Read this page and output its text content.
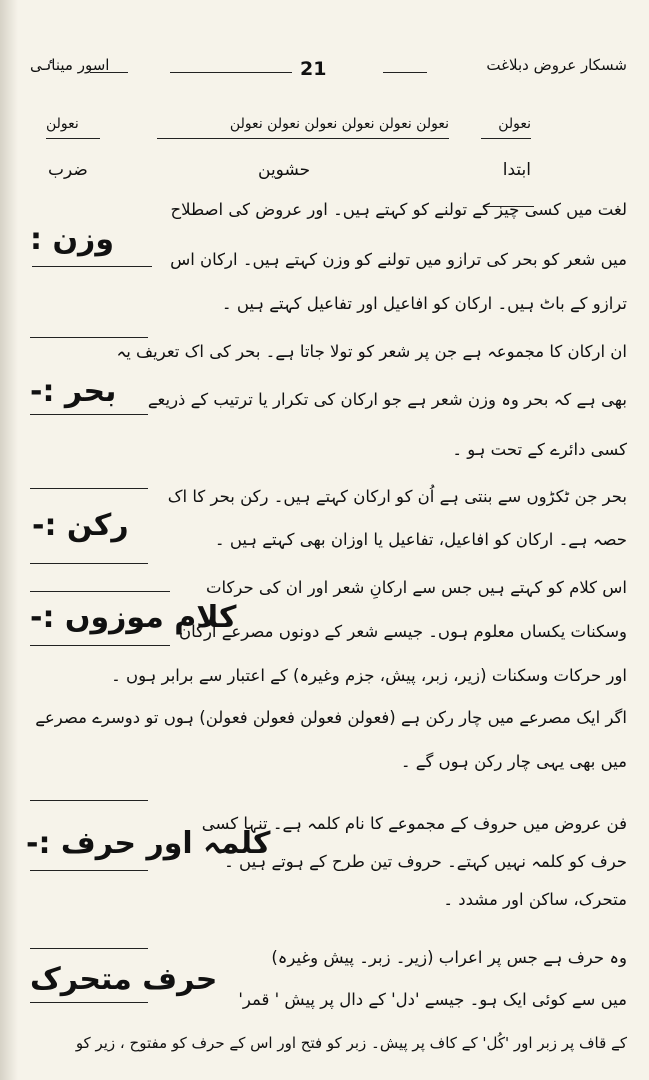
شسکار عروض دبلاغت
21
اسور میناٸی
نعولن
نعولن نعولن نعولن نعولن نعولن نعولن
نعولن
ابتدا
حشوین
ضرب
لغت میں کسی چیز کے تولنے کو کہتے ہیں۔ اور عروض کی اصطلاح
وزن :
میں شعر کو بحر کی ترازو میں تولنے کو وزن کہتے ہیں۔ ارکان اس
ترازو کے باٹ ہیں۔ ارکان کو افاعیل اور تفاعیل کہتے ہیں ۔
ان ارکان کا مجموعہ ہے جن پر شعر کو تولا جاتا ہے۔ بحر کی اک تعریف یہ
بحر :- بھی ہے کہ بحر وہ وزن شعر ہے جو ارکان کی تکرار یا ترتیب کے ذریعے
کسی دائرے کے تحت ہو ۔
بحر جن ٹکڑوں سے بنتی ہے اُن کو ارکان کہتے ہیں۔ رکن بحر کا اک
رکن :-	حصہ ہے۔ ارکان کو افاعیل، تفاعیل یا اوزان بھی کہتے ہیں ۔
اس کلام کو کہتے ہیں جس سے ارکانِ شعر اور ان کی حرکات
کلام موزوں :-
وسکنات یکساں معلوم ہوں۔ جیسے شعر کے دونوں مصرعے ارکان
اور حرکات وسکنات (زیر، زبر، پیش، جزم وغیرہ) کے اعتبار سے برابر ہوں ۔
اگر ایک مصرعے میں چار رکن ہے (فعولن فعولن فعولن فعولن) ہوں تو دوسرے مصرعے
میں بھی یہی چار رکن ہوں گے ۔
فن عروض میں حروف کے مجموعے کا نام کلمہ ہے۔ تنہا کسی
کلمہ اور حرف :-
حرف کو کلمہ نہیں کہتے۔ حروف تین طرح کے ہوتے ہیں ۔
متحرک، ساکن اور مشدد ۔
وہ حرف ہے جس پر اعراب (زیر۔ زبر۔ پیش وغیرہ)
حرف متحرک
میں سے کوئی ایک ہو۔ جیسے 'دل' کے دال پر پیش ' قمر'
کے قاف پر زبر اور 'کُل' کے کاف پر پیش۔ زبر کو فتح اور اس کے حرف کو مفتوح ، زیر کو
